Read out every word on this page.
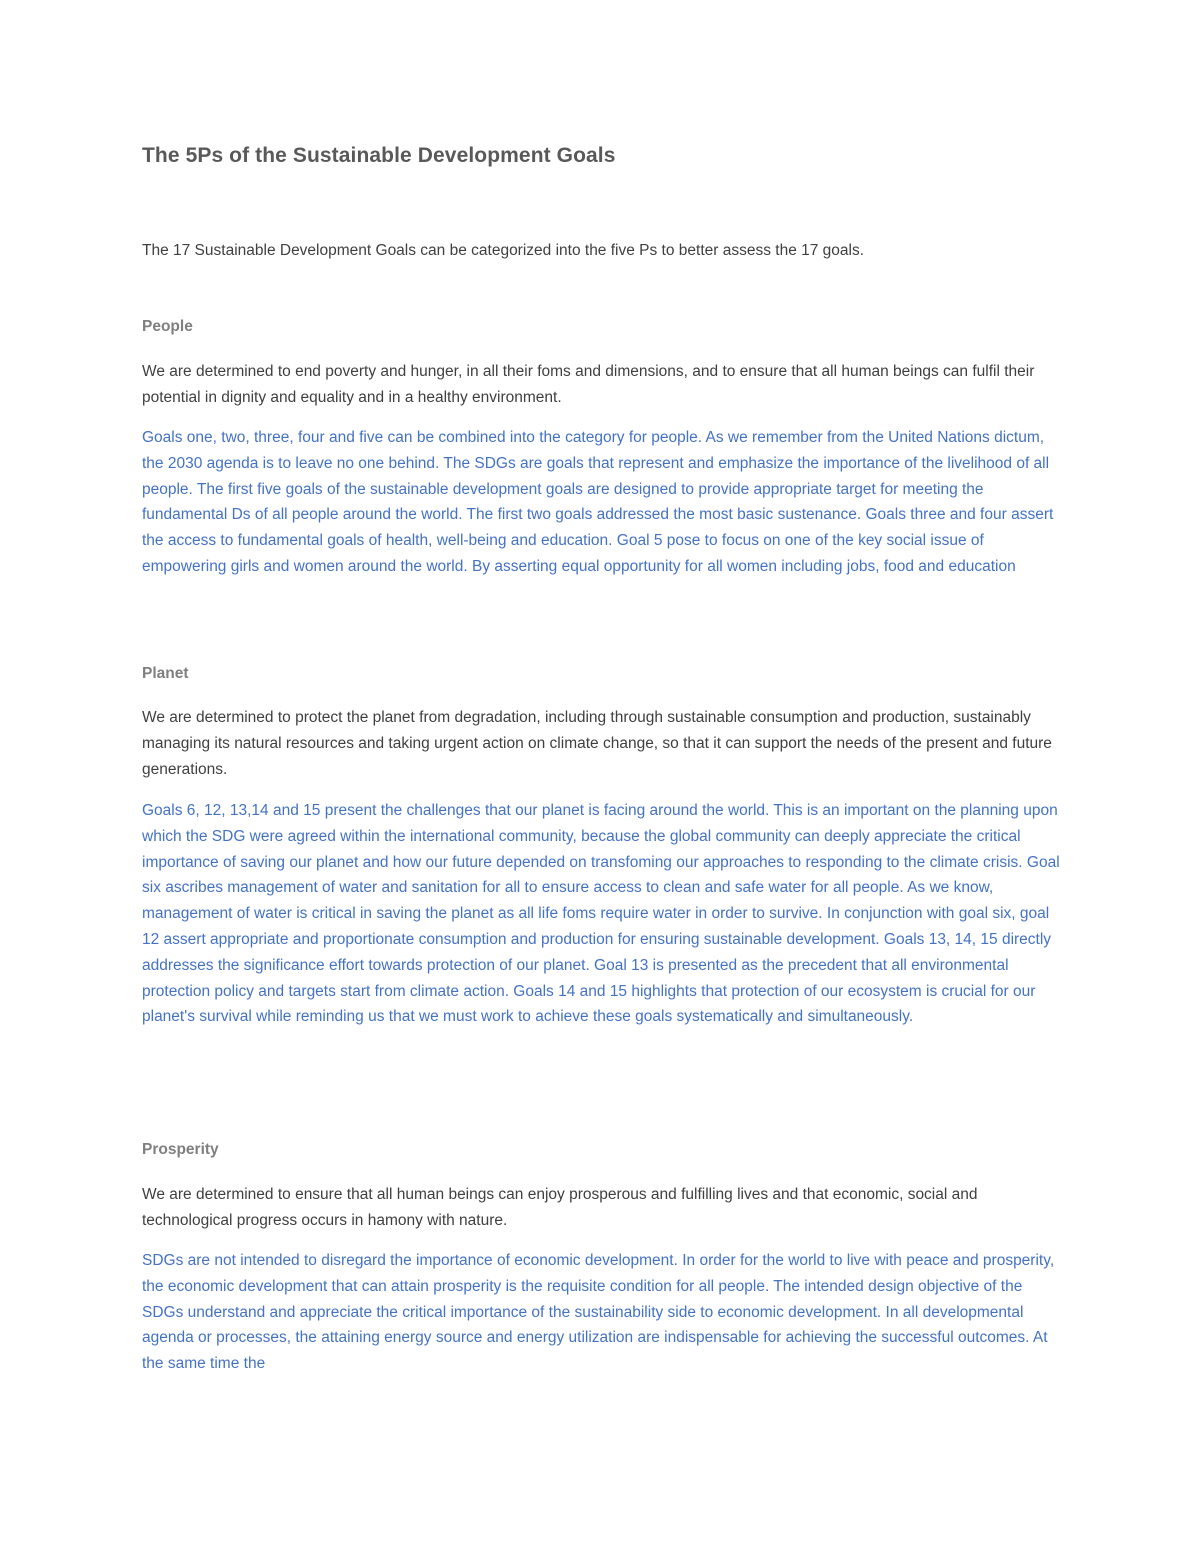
The 5Ps of the Sustainable Development Goals

The 17 Sustainable Development Goals can be categorized into the five Ps to better assess the 17 goals.

People

We are determined to end poverty and hunger, in all their foms and dimensions, and to ensure that all human beings can fulfil their potential in dignity and equality and in a healthy environment.

Goals one, two, three, four and five can be combined into the category for people. As we remember from the United Nations dictum, the 2030 agenda is to leave no one behind. The SDGs are goals that represent and emphasize the importance of the livelihood of all people. The first five goals of the sustainable development goals are designed to provide appropriate target for meeting the fundamental Ds of all people around the world. The first two goals addressed the most basic sustenance. Goals three and four assert the access to fundamental goals of health, well-being and education. Goal 5 pose to focus on one of the key social issue of empowering girls and women around the world. By asserting equal opportunity for all women including jobs, food and education

Planet

We are determined to protect the planet from degradation, including through sustainable consumption and production, sustainably managing its natural resources and taking urgent action on climate change, so that it can support the needs of the present and future generations.

Goals 6, 12, 13,14 and 15 present the challenges that our planet is facing around the world. This is an important on the planning upon which the SDG were agreed within the international community, because the global community can deeply appreciate the critical importance of saving our planet and how our future depended on transfoming our approaches to responding to the climate crisis. Goal six ascribes management of water and sanitation for all to ensure access to clean and safe water for all people. As we know, management of water is critical in saving the planet as all life foms require water in order to survive. In conjunction with goal six, goal 12 assert appropriate and proportionate consumption and production for ensuring sustainable development. Goals 13, 14, 15 directly addresses the significance effort towards protection of our planet. Goal 13 is presented as the precedent that all environmental protection policy and targets start from climate action. Goals 14 and 15 highlights that protection of our ecosystem is crucial for our planet's survival while reminding us that we must work to achieve these goals systematically and simultaneously.

Prosperity

We are determined to ensure that all human beings can enjoy prosperous and fulfilling lives and that economic, social and technological progress occurs in hamony with nature.

SDGs are not intended to disregard the importance of economic development. In order for the world to live with peace and prosperity, the economic development that can attain prosperity is the requisite condition for all people. The intended design objective of the SDGs understand and appreciate the critical importance of the sustainability side to economic development. In all developmental agenda or processes, the attaining energy source and energy utilization are indispensable for achieving the successful outcomes. At the same time the
